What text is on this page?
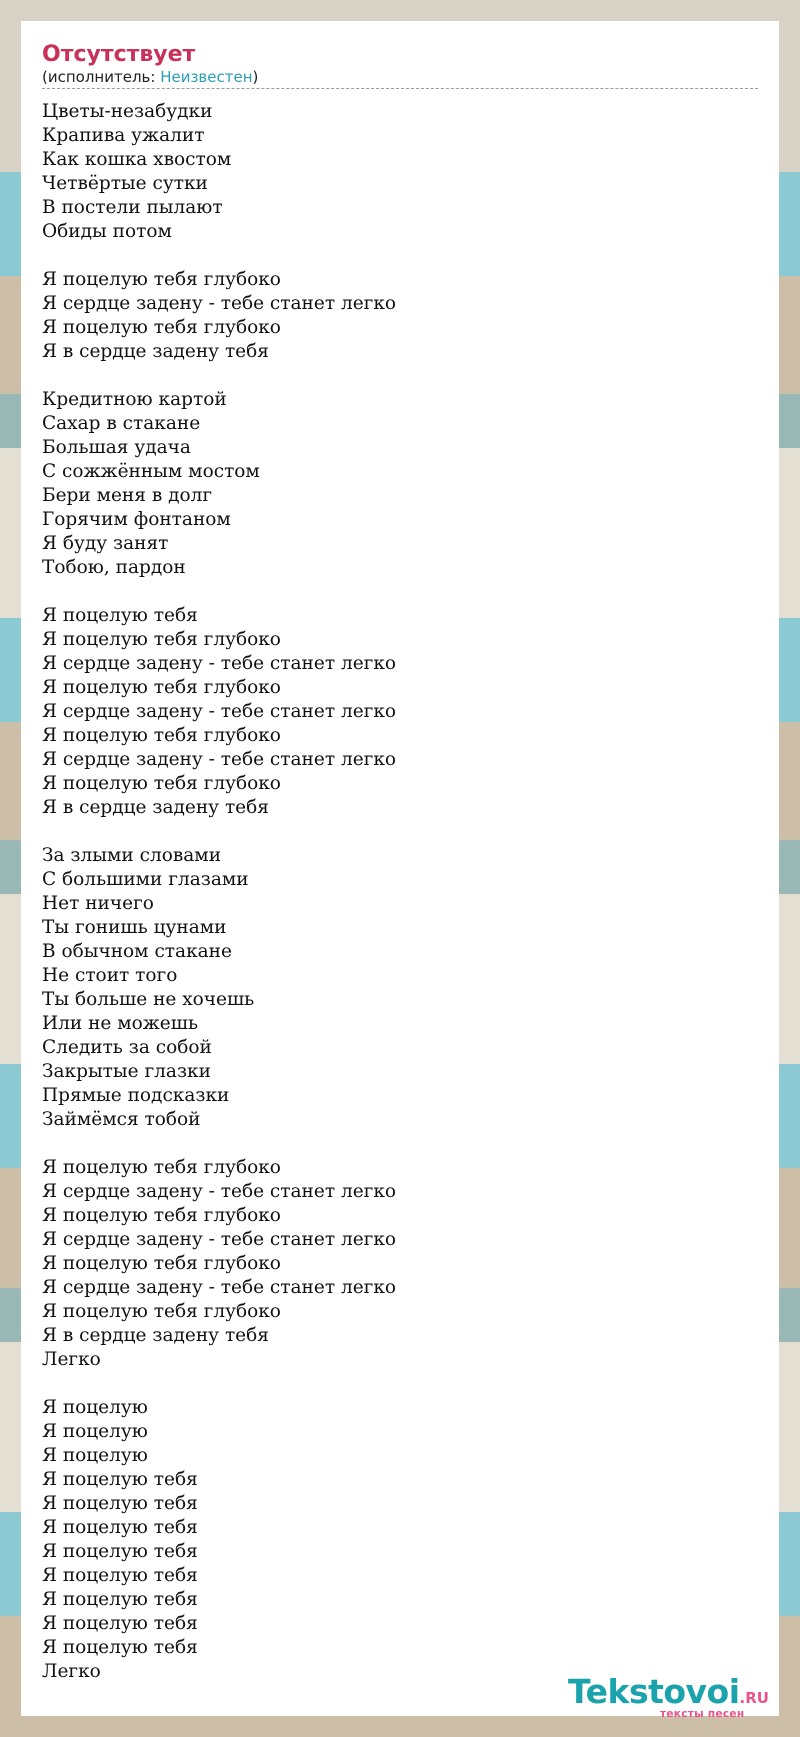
Отсутствует
(исполнитель: Неизвестен)
Цветы-незабудки
Крапива ужалит
Как кошка хвостом
Четвёртые сутки
В постели пылают
Обиды потом
Я поцелую тебя глубоко
Я сердце задену - тебе станет легко
Я поцелую тебя глубоко
Я в сердце задену тебя
Кредитною картой
Сахар в стакане
Большая удача
С сожжённым мостом
Бери меня в долг
Горячим фонтаном
Я буду занят
Тобою, пардон
Я поцелую тебя
Я поцелую тебя глубоко
Я сердце задену - тебе станет легко
Я поцелую тебя глубоко
Я сердце задену - тебе станет легко
Я поцелую тебя глубоко
Я сердце задену - тебе станет легко
Я поцелую тебя глубоко
Я в сердце задену тебя
За злыми словами
С большими глазами
Нет ничего
Ты гонишь цунами
В обычном стакане
Не стоит того
Ты больше не хочешь
Или не можешь
Следить за собой
Закрытые глазки
Прямые подсказки
Займёмся тобой
Я поцелую тебя глубоко
Я сердце задену - тебе станет легко
Я поцелую тебя глубоко
Я сердце задену - тебе станет легко
Я поцелую тебя глубоко
Я сердце задену - тебе станет легко
Я поцелую тебя глубоко
Я в сердце задену тебя
Легко
Я поцелую
Я поцелую
Я поцелую
Я поцелую тебя
Я поцелую тебя
Я поцелую тебя
Я поцелую тебя
Я поцелую тебя
Я поцелую тебя
Я поцелую тебя
Я поцелую тебя
Легко
Tekstovoi.RU
тексты песен
